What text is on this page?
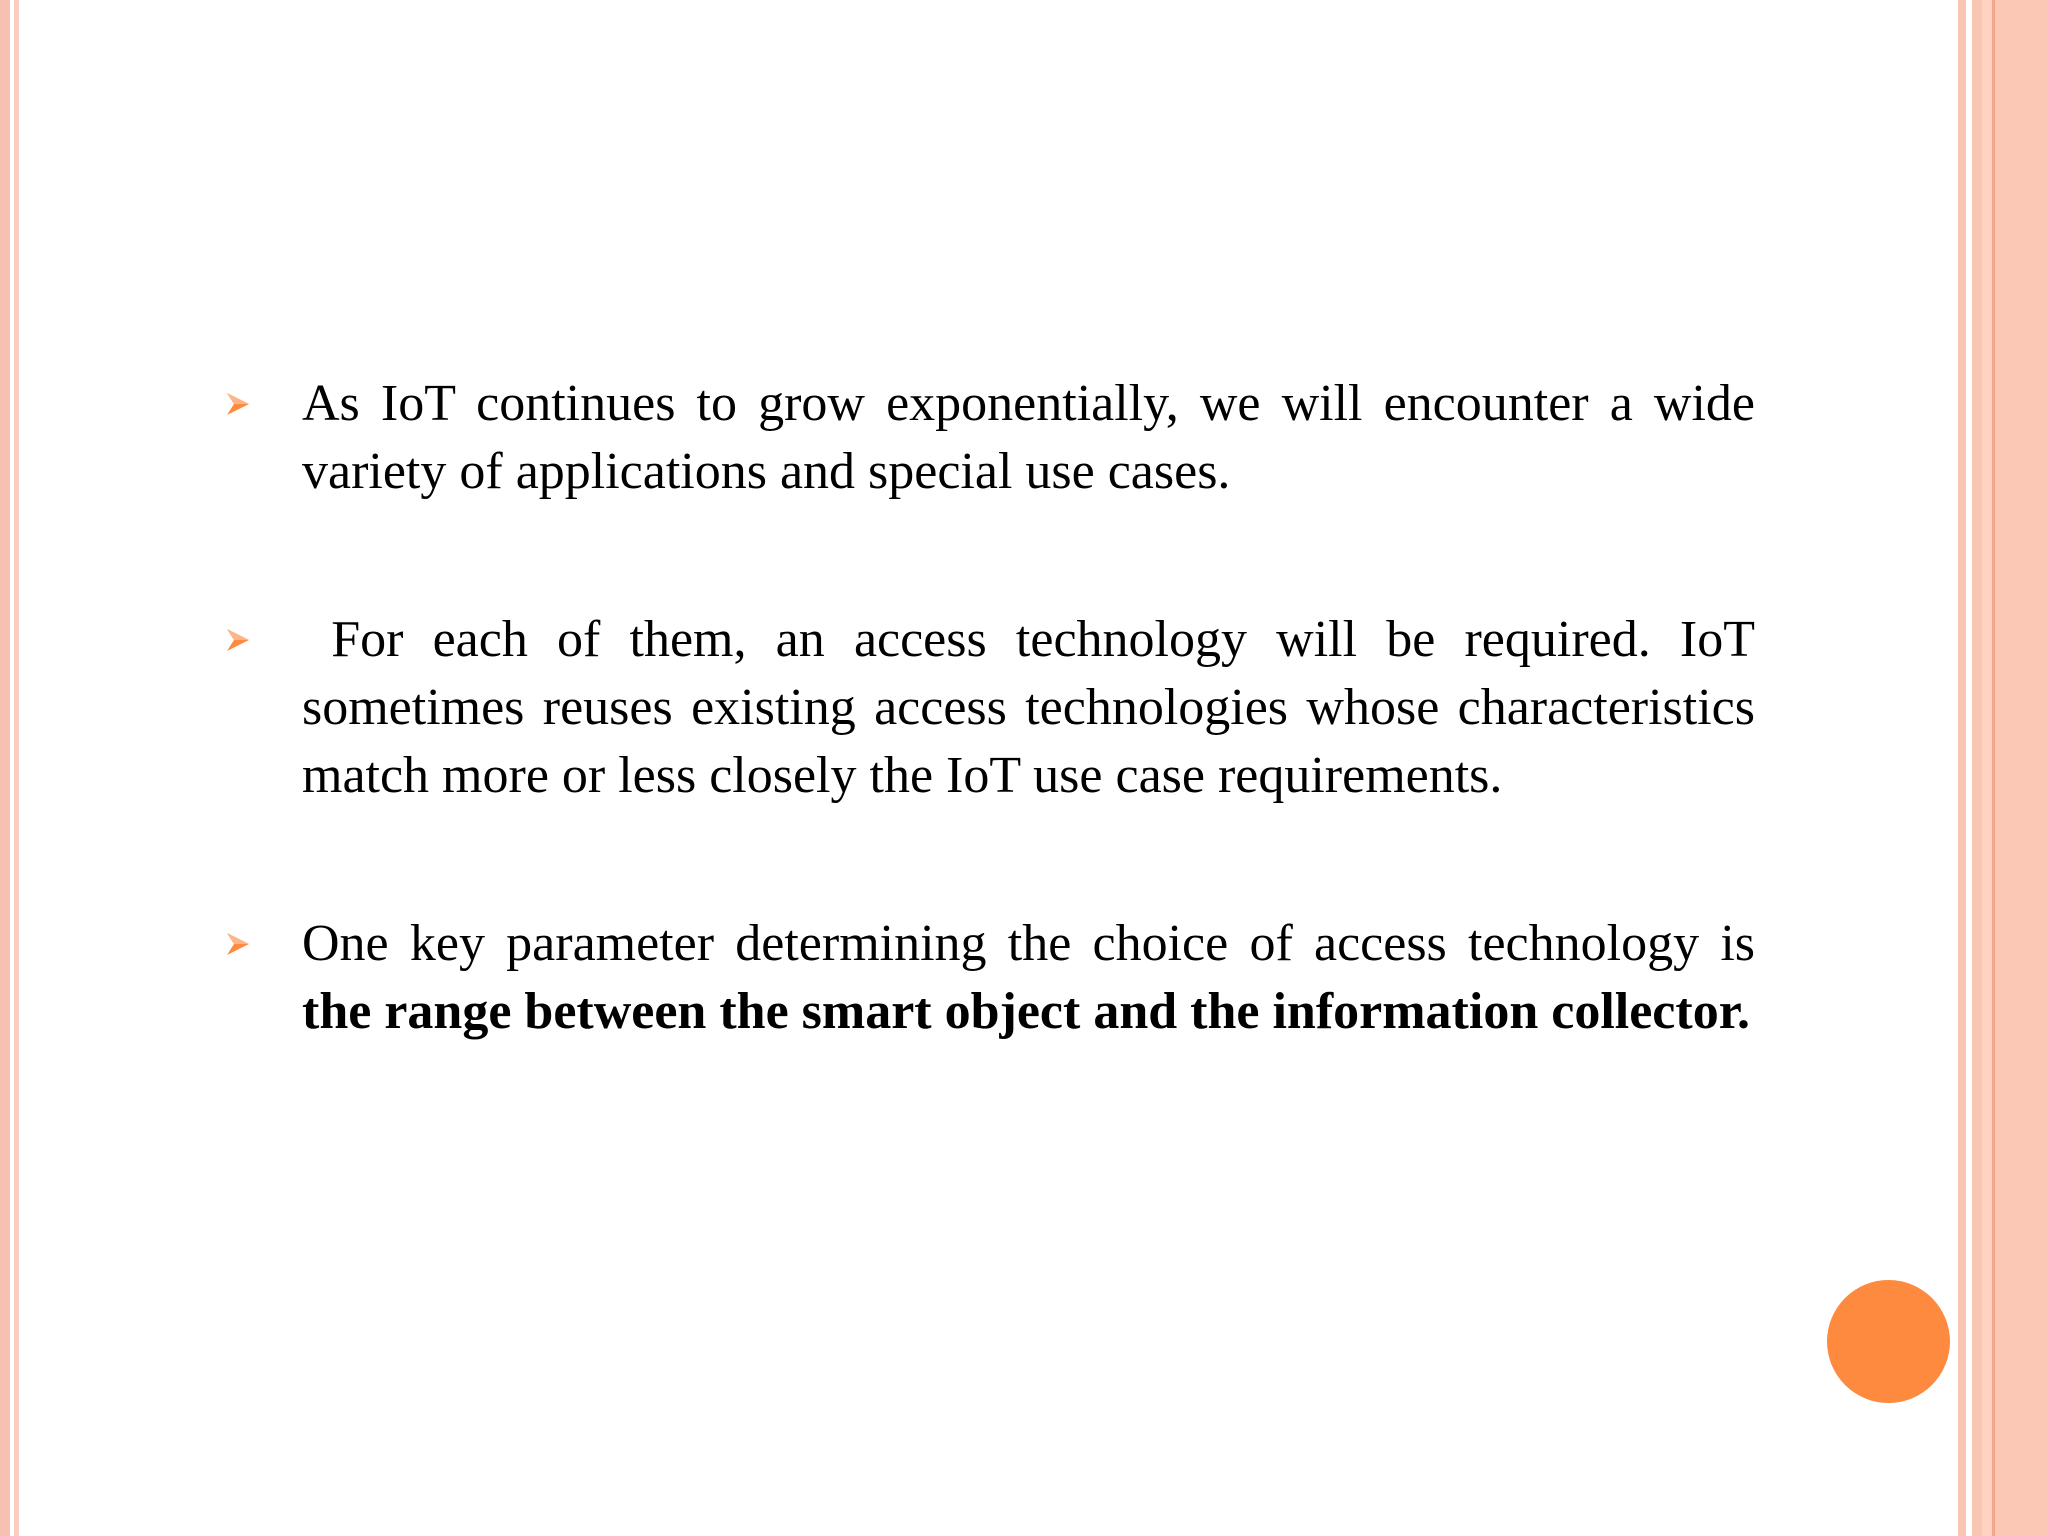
As IoT continues to grow exponentially, we will encounter a wide variety of applications and special use cases.
For each of them, an access technology will be required. IoT sometimes reuses existing access technologies whose characteristics match more or less closely the IoT use case requirements.
One key parameter determining the choice of access technology is the range between the smart object and the information collector.
